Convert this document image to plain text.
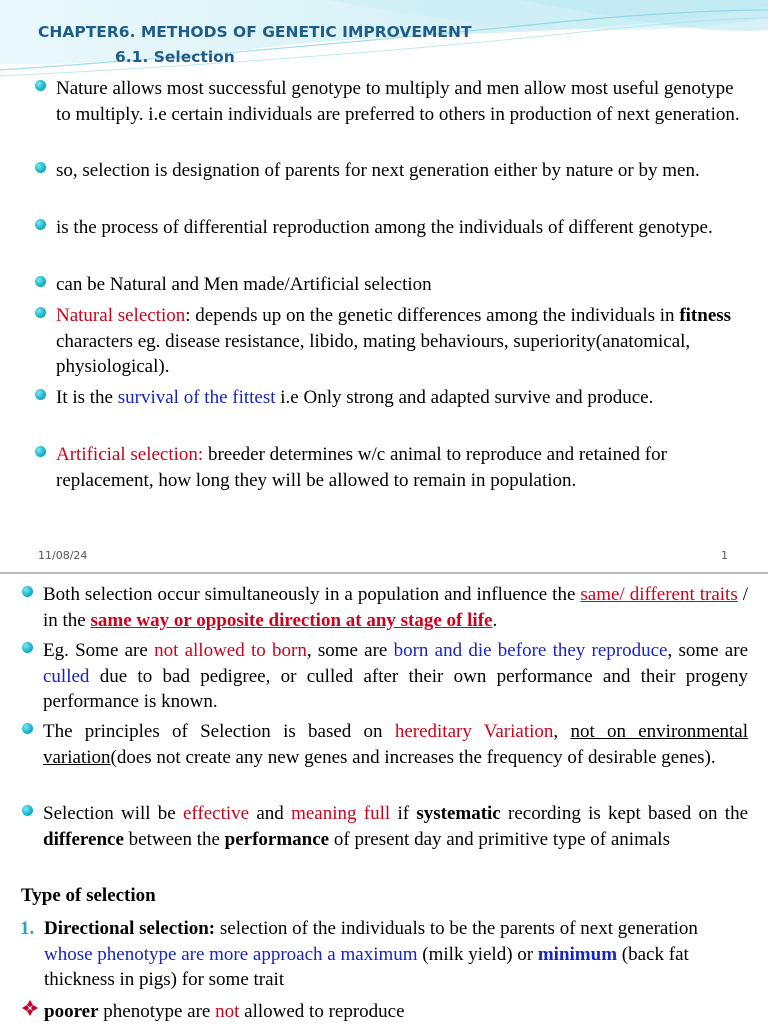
CHAPTER6. METHODS OF GENETIC IMPROVEMENT
6.1. Selection
Nature allows most successful genotype to multiply and men allow most useful genotype to multiply. i.e certain individuals are preferred to others in production of next generation.
so, selection is designation of parents for next generation either by nature or by men.
is the process of differential reproduction among the individuals of different genotype.
can be Natural and Men made/Artificial selection
Natural selection: depends up on the genetic differences among the individuals in fitness characters eg. disease resistance, libido, mating behaviours, superiority(anatomical, physiological).
It is the survival of the fittest i.e Only strong and adapted survive and produce.
Artificial selection: breeder determines w/c animal to reproduce and retained for replacement, how long they will be allowed to remain in population.
11/08/24	1
Both selection occur simultaneously in a population and influence the same/ different traits / in the same way or opposite direction at any stage of life.
Eg. Some are not allowed to born, some are born and die before they reproduce, some are culled due to bad pedigree, or culled after their own performance and their progeny performance is known.
The principles of Selection is based on hereditary Variation, not on environmental variation(does not create any new genes and increases the frequency of desirable genes).
Selection will be effective and meaning full if systematic recording is kept based on the difference between the performance of present day and primitive type of animals
Type of selection
1. Directional selection: selection of the individuals to be the parents of next generation whose phenotype are more approach a maximum (milk yield) or minimum (back fat thickness in pigs) for some trait
poorer phenotype are not allowed to reproduce
